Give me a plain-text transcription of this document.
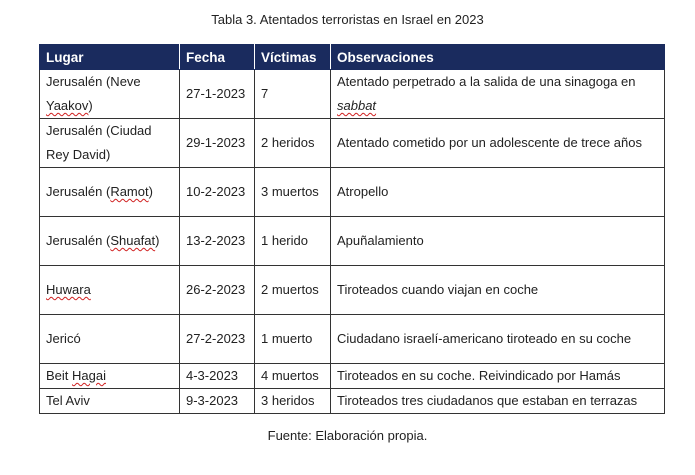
Tabla 3. Atentados terroristas en Israel en 2023
Lugar	Fecha	Víctimas	Observaciones
Jerusalén (Neve Yaakov)	27-1-2023	7	Atentado perpetrado a la salida de una sinagoga en sabbat
Jerusalén (Ciudad Rey David)	29-1-2023	2 heridos	Atentado cometido por un adolescente de trece años
Jerusalén (Ramot)	10-2-2023	3 muertos	Atropello
Jerusalén (Shuafat)	13-2-2023	1 herido	Apuñalamiento
Huwara	26-2-2023	2 muertos	Tiroteados cuando viajan en coche
Jericó	27-2-2023	1 muerto	Ciudadano israelí-americano tiroteado en su coche
Beit Hagai	4-3-2023	4 muertos	Tiroteados en su coche. Reivindicado por Hamás
Tel Aviv	9-3-2023	3 heridos	Tiroteados tres ciudadanos que estaban en terrazas
Fuente: Elaboración propia.
